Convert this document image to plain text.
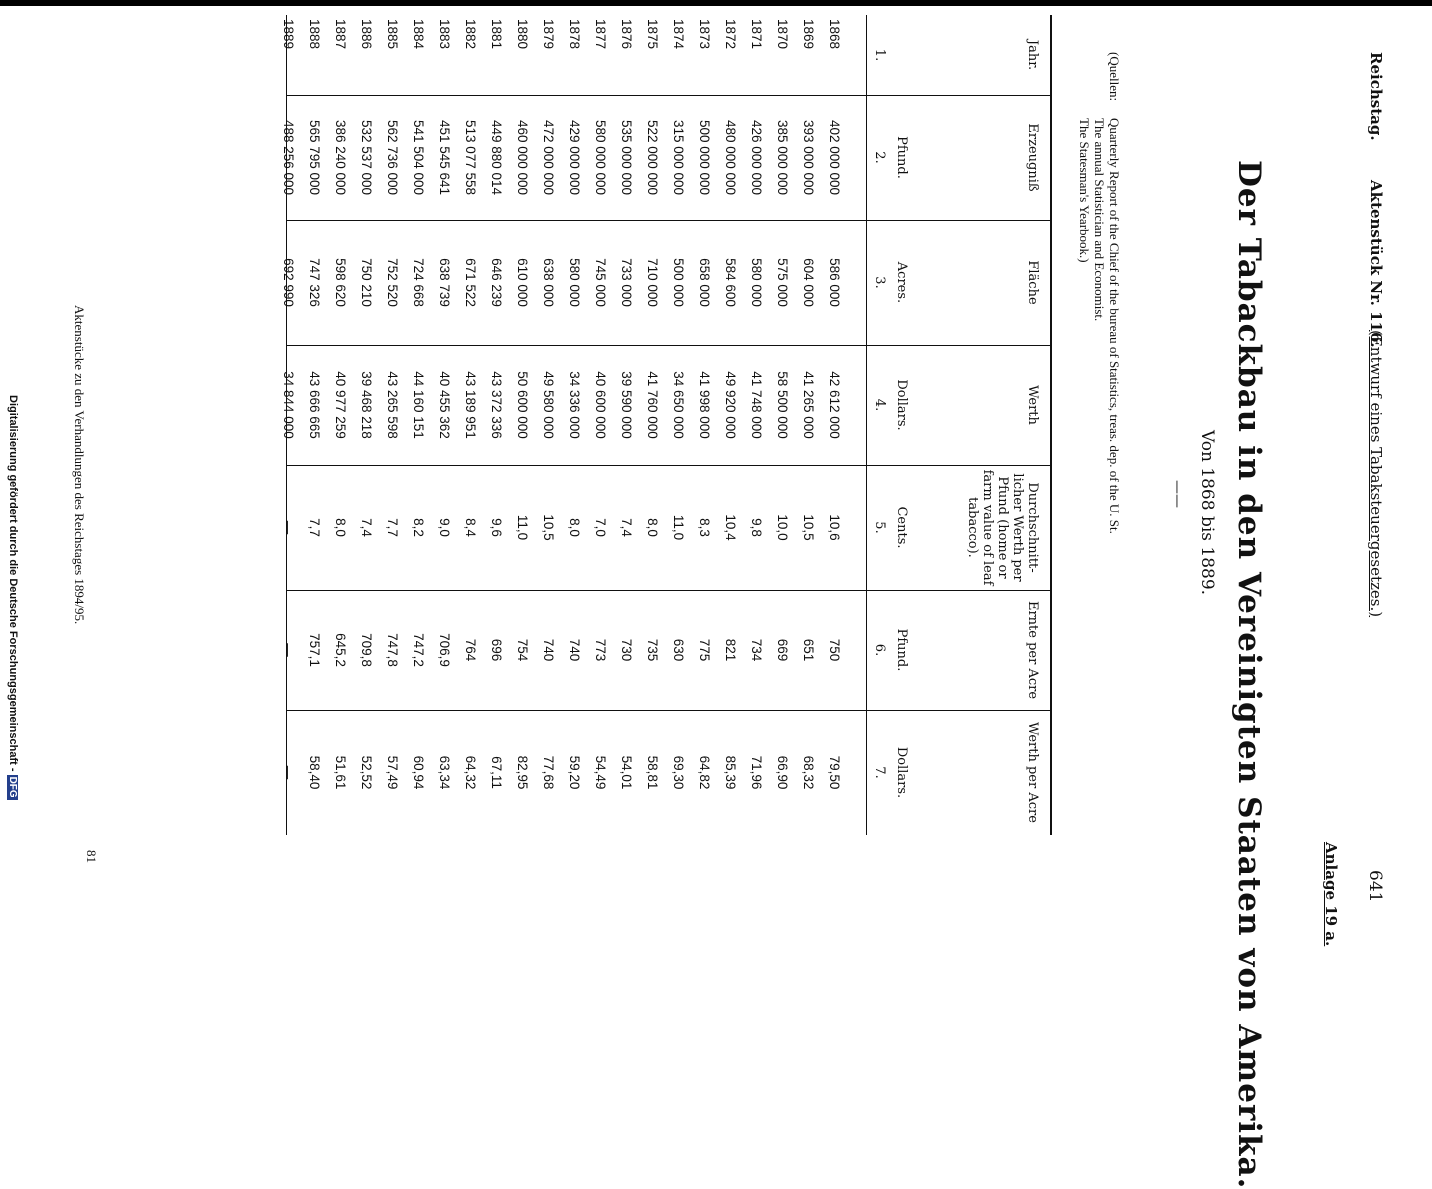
Reichstag.
Aktenstück Nr. 116.
(Entwurf eines Tabaksteuergesetzes.)
641
Anlage 19 a.
Der Tabackbau in den Vereinigten Staaten von Amerika.
Von 1868 bis 1889.
——
(Quellen:
Quarterly Report of the Chief of the bureau of Statistics, treas. dep. of the U. St.
The annual Statistician and Economist.
The Statesman's Yearbook.)
Jahr.
1.
Erzeugniß
Pfund.
2.
Fläche
Acres.
3.
Werth
Dollars.
4.
Durchschnitt-licher Werth per Pfund (home or farm value of leaf tabacco).
Cents.
5.
Ernte per Acre
Pfund.
6.
Werth per Acre
Dollars.
7.
1868
402 000 000
586 000
42 612 000
10,6
750
79,50
1869
393 000 000
604 000
41 265 000
10,5
651
68,32
1870
385 000 000
575 000
58 500 000
10,0
669
66,90
1871
426 000 000
580 000
41 748 000
9,8
734
71,96
1872
480 000 000
584 600
49 920 000
10,4
821
85,39
1873
500 000 000
658 000
41 998 000
8,3
775
64,82
1874
315 000 000
500 000
34 650 000
11,0
630
69,30
1875
522 000 000
710 000
41 760 000
8,0
735
58,81
1876
535 000 000
733 000
39 590 000
7,4
730
54,01
1877
580 000 000
745 000
40 600 000
7,0
773
54,49
1878
429 000 000
580 000
34 336 000
8,0
740
59,20
1879
472 000 000
638 000
49 580 000
10,5
740
77,68
1880
460 000 000
610 000
50 600 000
11,0
754
82,95
1881
449 880 014
646 239
43 372 336
9,6
696
67,11
1882
513 077 558
671 522
43 189 951
8,4
764
64,32
1883
451 545 641
638 739
40 455 362
9,0
706,9
63,34
1884
541 504 000
724 668
44 160 151
8,2
747,2
60,94
1885
562 736 000
752 520
43 265 598
7,7
747,8
57,49
1886
532 537 000
750 210
39 468 218
7,4
709,8
52,52
1887
386 240 000
598 620
40 977 259
8,0
645,2
51,61
1888
565 795 000
747 326
43 666 665
7,7
757,1
58,40
1889
488 256 000
692 990
34 844 000
—
—
—
Aktenstücke zu den Verhandlungen des Reichstages 1894/95.
81
Digitalisierung gefördert durch die Deutsche Forschungsgemeinschaft - DFG
